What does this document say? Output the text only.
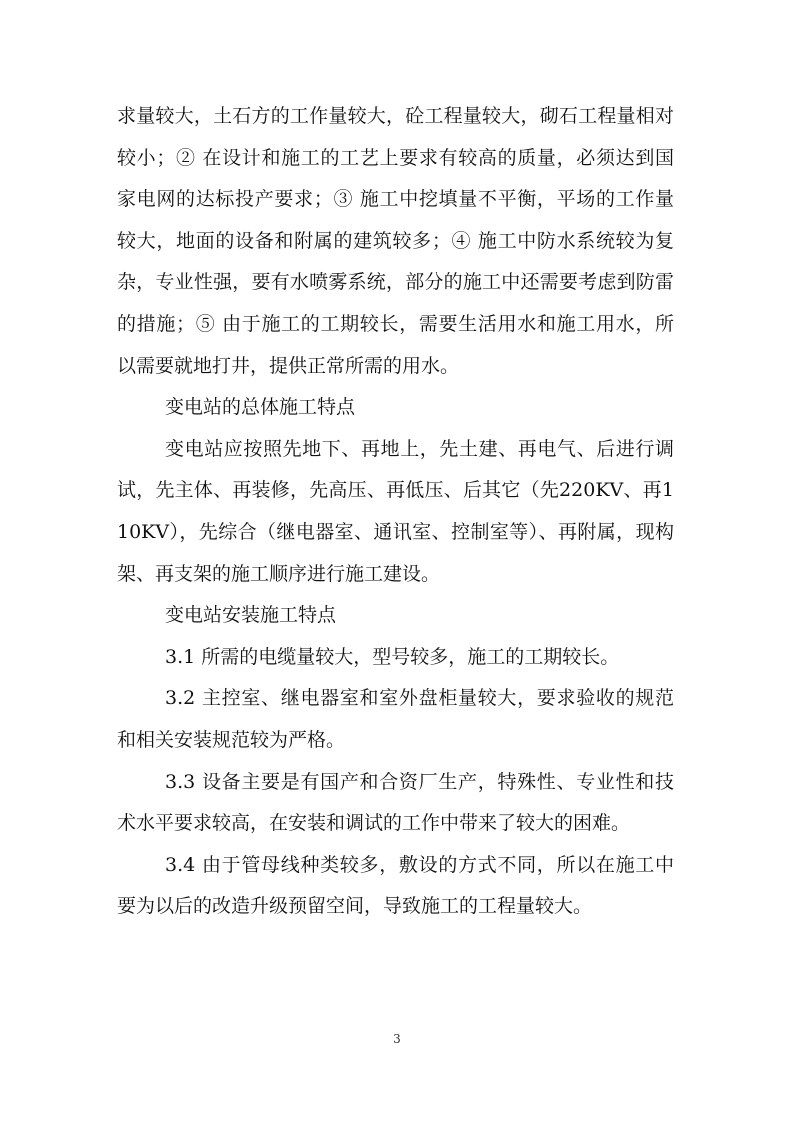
求量较大，土石方的工作量较大，砼工程量较大，砌石工程量相对较小；② 在设计和施工的工艺上要求有较高的质量，必须达到国家电网的达标投产要求；③ 施工中挖填量不平衡，平场的工作量较大，地面的设备和附属的建筑较多；④ 施工中防水系统较为复杂，专业性强，要有水喷雾系统，部分的施工中还需要考虑到防雷的措施；⑤ 由于施工的工期较长，需要生活用水和施工用水，所以需要就地打井，提供正常所需的用水。

变电站的总体施工特点

变电站应按照先地下、再地上，先土建、再电气、后进行调试，先主体、再装修，先高压、再低压、后其它（先220KV、再110KV），先综合（继电器室、通讯室、控制室等）、再附属，现构架、再支架的施工顺序进行施工建设。

变电站安装施工特点

3.1 所需的电缆量较大，型号较多，施工的工期较长。

3.2 主控室、继电器室和室外盘柜量较大，要求验收的规范和相关安装规范较为严格。

3.3 设备主要是有国产和合资厂生产，特殊性、专业性和技术水平要求较高，在安装和调试的工作中带来了较大的困难。

3.4 由于管母线种类较多，敷设的方式不同，所以在施工中要为以后的改造升级预留空间，导致施工的工程量较大。

3
